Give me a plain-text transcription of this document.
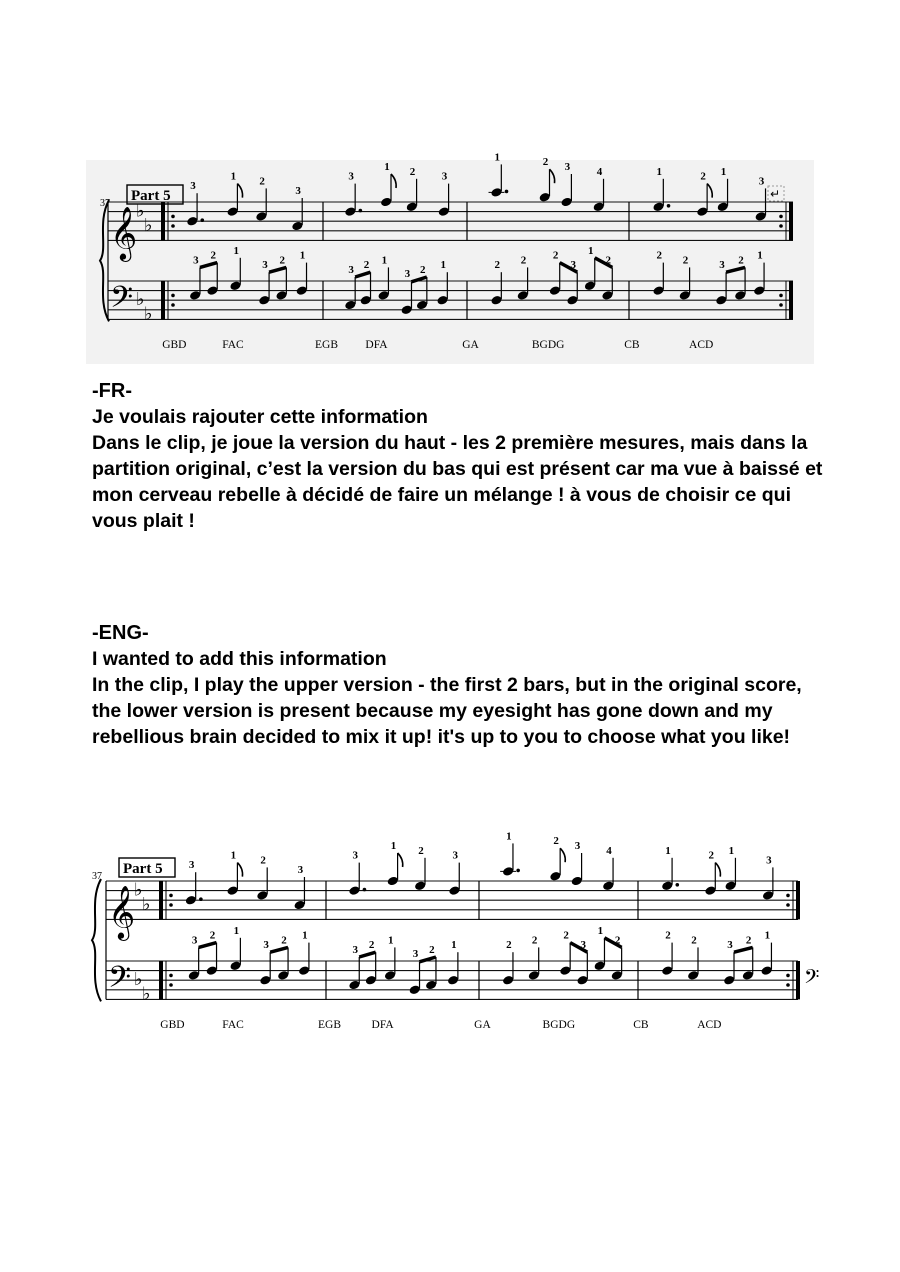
37 Part 5
𝄞
𝄢
♭
♭
♭
♭
↵
3
1 2
3
3 2 1
3 2 1
3
1 2 3
3 2 1
3 2 1
1	2 3 4
2 2 2
3
1
2
1	2 1
3
2 2	3 2 1
GBD	FAC	EGB DFA	GA	BGDG	CB	ACD

-FR-

Je voulais rajouter cette information

Dans le clip, je joue la version du haut - les 2 première mesures, mais dans la partition original, c’est la version du bas qui est présent car ma vue à baissé et mon cerveau rebelle à décidé de faire un mélange ! à vous de choisir ce qui vous plait !

-ENG-

I wanted to add this information

In the clip, I play the upper version - the first 2 bars, but in the original score, the lower version is present because my eyesight has gone down and my rebellious brain decided to mix it up! it's up to you to choose what you like!

37 Part 5
𝄞
𝄢
♭
♭
♭
♭
𝄢
3
1 2
3
3 2 1
3 2 1
3
1 2	3
3 2 1
3 2 1
1	2 3 4
2 2 2
3
1
2
1	2 1
3
2 2	3 2 1
GBD	FAC	EGB	DFA	GA	BGDG	CB	ACD
